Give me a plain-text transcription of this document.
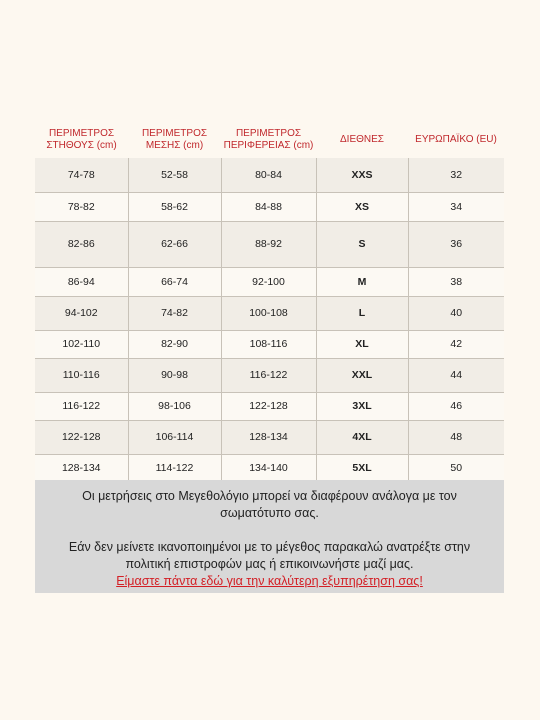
ΠΕΡΙΜΕΤΡΟΣ ΣΤΗΘΟΥΣ (cm)	ΠΕΡΙΜΕΤΡΟΣ ΜΕΣΗΣ (cm)	ΠΕΡΙΜΕΤΡΟΣ ΠΕΡΙΦΕΡΕΙΑΣ (cm)	ΔΙΕΘΝΕΣ	ΕΥΡΩΠΑΪΚΟ (EU)
74-78	52-58	80-84	XXS	32
78-82	58-62	84-88	XS	34
82-86	62-66	88-92	S	36
86-94	66-74	92-100	M	38
94-102	74-82	100-108	L	40
102-110	82-90	108-116	XL	42
110-116	90-98	116-122	XXL	44
116-122	98-106	122-128	3XL	46
122-128	106-114	128-134	4XL	48
128-134	114-122	134-140	5XL	50

Οι μετρήσεις στο Μεγεθολόγιο μπορεί να διαφέρουν ανάλογα με τον

σωματότυπο σας.

Εάν δεν μείνετε ικανοποιημένοι με το μέγεθος παρακαλώ ανατρέξτε στην

πολιτική επιστροφών μας ή επικοινωνήστε μαζί μας.

Είμαστε πάντα εδώ για την καλύτερη εξυπηρέτηση σας!
